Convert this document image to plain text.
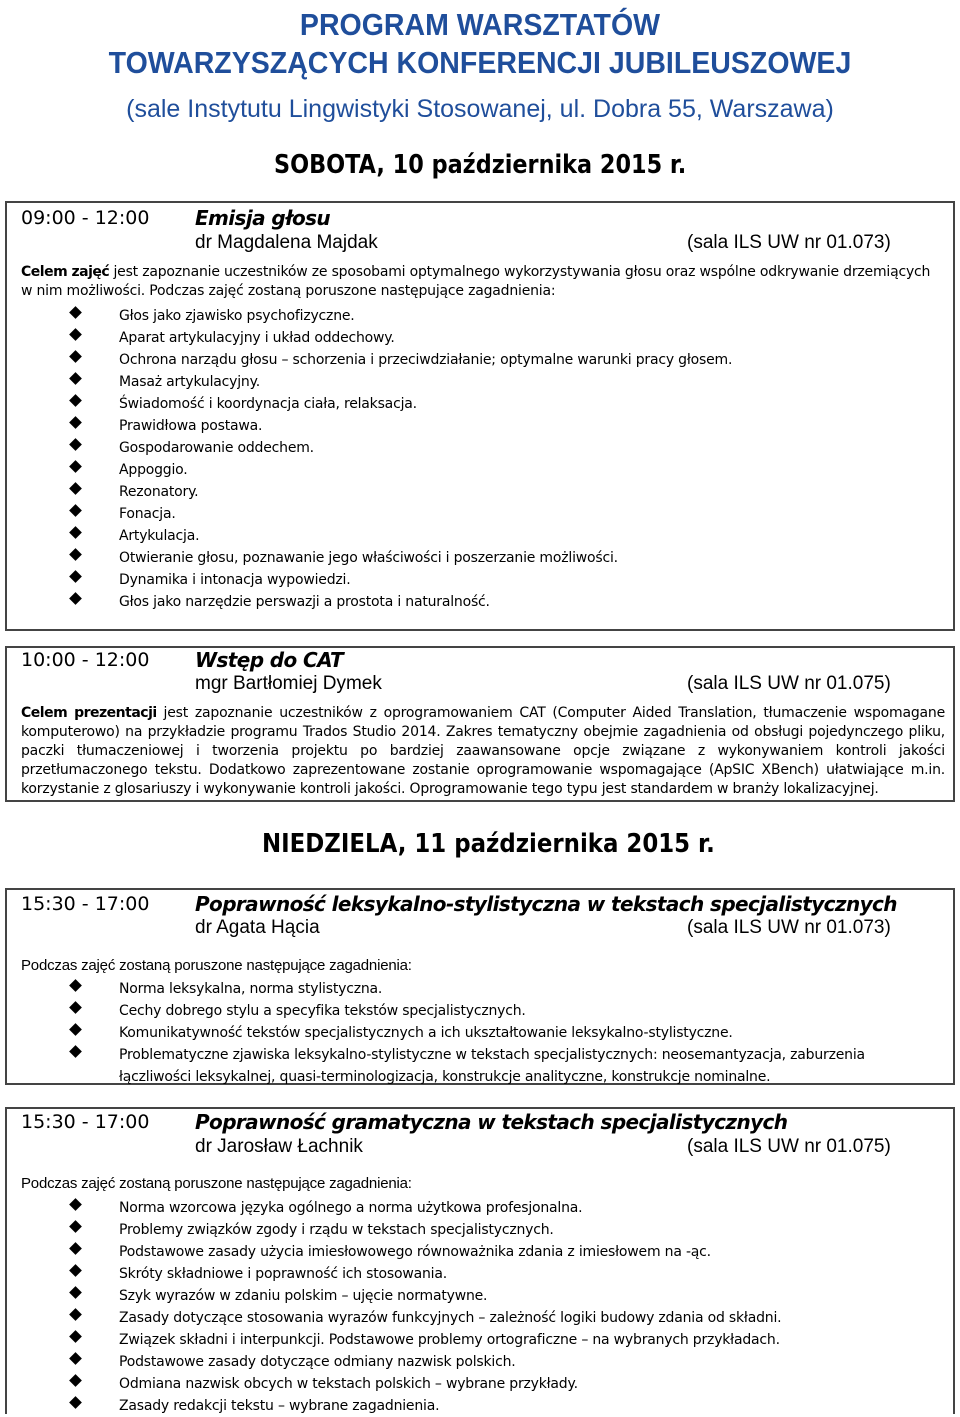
PROGRAM WARSZTATÓW
TOWARZYSZĄCYCH KONFERENCJI JUBILEUSZOWEJ
(sale Instytutu Lingwistyki Stosowanej, ul. Dobra 55, Warszawa)
SOBOTA, 10 października 2015 r.
09:00 - 12:00 Emisja głosu
dr Magdalena Majdak	(sala ILS UW nr 01.073)
Celem zajęć jest zapoznanie uczestników ze sposobami optymalnego wykorzystywania głosu oraz wspólne odkrywanie drzemiących w nim możliwości. Podczas zajęć zostaną poruszone następujące zagadnienia:
Głos jako zjawisko psychofizyczne.
Aparat artykulacyjny i układ oddechowy.
Ochrona narządu głosu – schorzenia i przeciwdziałanie; optymalne warunki pracy głosem.
Masaż artykulacyjny.
Świadomość i koordynacja ciała, relaksacja.
Prawidłowa postawa.
Gospodarowanie oddechem.
Appoggio.
Rezonatory.
Fonacja.
Artykulacja.
Otwieranie głosu, poznawanie jego właściwości i poszerzanie możliwości.
Dynamika i intonacja wypowiedzi.
Głos jako narzędzie perswazji a prostota i naturalność.
10:00 - 12:00 Wstęp do CAT
mgr Bartłomiej Dymek	(sala ILS UW nr 01.075)
Celem prezentacji jest zapoznanie uczestników z oprogramowaniem CAT (Computer Aided Translation, tłumaczenie wspomagane komputerowo) na przykładzie programu Trados Studio 2014. Zakres tematyczny obejmie zagadnienia od obsługi pojedynczego pliku, paczki tłumaczeniowej i tworzenia projektu po bardziej zaawansowane opcje związane z wykonywaniem kontroli jakości przetłumaczonego tekstu. Dodatkowo zaprezentowane zostanie oprogramowanie wspomagające (ApSIC XBench) ułatwiające m.in. korzystanie z glosariuszy i wykonywanie kontroli jakości. Oprogramowanie tego typu jest standardem w branży lokalizacyjnej.
NIEDZIELA, 11 października 2015 r.
15:30 - 17:00 Poprawność leksykalno-stylistyczna w tekstach specjalistycznych
dr Agata Hącia	(sala ILS UW nr 01.073)
Podczas zajęć zostaną poruszone następujące zagadnienia:
Norma leksykalna, norma stylistyczna.
Cechy dobrego stylu a specyfika tekstów specjalistycznych.
Komunikatywność tekstów specjalistycznych a ich ukształtowanie leksykalno-stylistyczne.
Problematyczne zjawiska leksykalno-stylistyczne w tekstach specjalistycznych: neosemantyzacja, zaburzenia łączliwości leksykalnej, quasi-terminologizacja, konstrukcje analityczne, konstrukcje nominalne.
15:30 - 17:00 Poprawność gramatyczna w tekstach specjalistycznych
dr Jarosław Łachnik	(sala ILS UW nr 01.075)
Podczas zajęć zostaną poruszone następujące zagadnienia:
Norma wzorcowa języka ogólnego a norma użytkowa profesjonalna.
Problemy związków zgody i rządu w tekstach specjalistycznych.
Podstawowe zasady użycia imiesłowowego równoważnika zdania z imiesłowem na -ąc.
Skróty składniowe i poprawność ich stosowania.
Szyk wyrazów w zdaniu polskim – ujęcie normatywne.
Zasady dotyczące stosowania wyrazów funkcyjnych – zależność logiki budowy zdania od składni.
Związek składni i interpunkcji. Podstawowe problemy ortograficzne – na wybranych przykładach.
Podstawowe zasady dotyczące odmiany nazwisk polskich.
Odmiana nazwisk obcych w tekstach polskich – wybrane przykłady.
Zasady redakcji tekstu – wybrane zagadnienia.
